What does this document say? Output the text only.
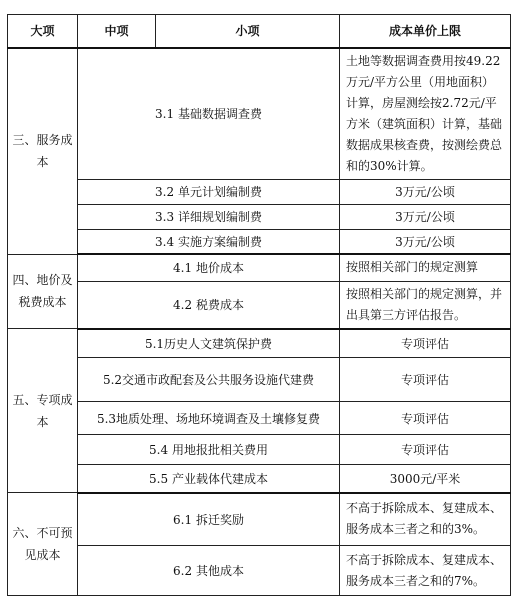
大项	中项	小项	成本单价上限
三、服务成本	3.1 基础数据调查费		土地等数据调查费用按49.22万元/平方公里（用地面积）计算，房屋测绘按2.72元/平方米（建筑面积）计算，基础数据成果核查费，按测绘费总和的30%计算。
	3.2 单元计划编制费		3万元/公顷
	3.3 详细规划编制费		3万元/公顷
	3.4 实施方案编制费		3万元/公顷
四、地价及税费成本	4.1 地价成本		按照相关部门的规定测算
	4.2 税费成本		按照相关部门的规定测算，并出具第三方评估报告。
五、专项成本	5.1历史人文建筑保护费		专项评估
	5.2交通市政配套及公共服务设施代建费		专项评估
	5.3地质处理、场地环境调查及土壤修复费		专项评估
	5.4 用地报批相关费用		专项评估
	5.5 产业载体代建成本		3000元/平米
六、不可预见成本	6.1 拆迁奖励		不高于拆除成本、复建成本、服务成本三者之和的3%。
	6.2 其他成本		不高于拆除成本、复建成本、服务成本三者之和的7%。
